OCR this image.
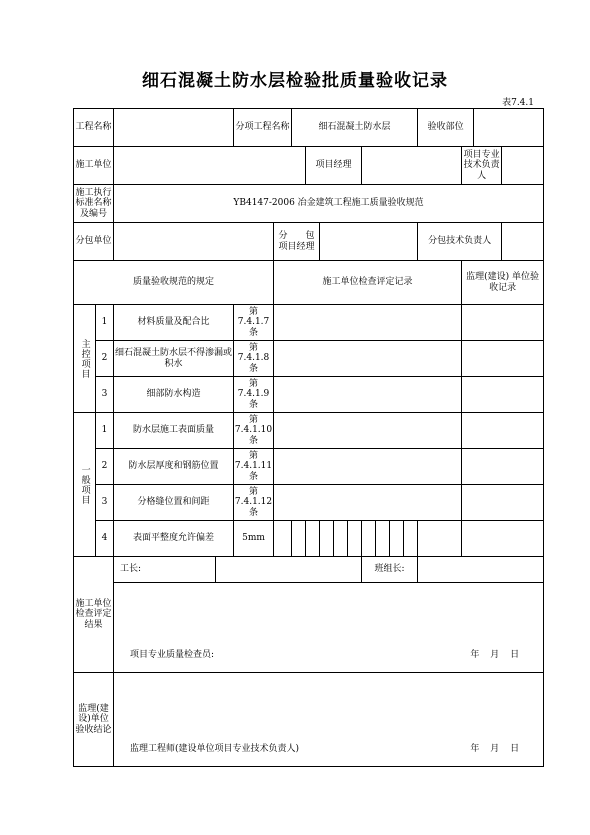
细石混凝土防水层检验批质量验收记录
表7.4.1
工程名称				分项工程名称		细石混凝土防水层									验收部位			
施工单位							项目经理									项目专业技术负责人		
施工执行标准名称及编号		YB4147-2006 冶金建筑工程施工质量验收规范																
分包单位					分　　包 项目经理										分包技术负责人			
质量验收规范的规定					施工单位检查评定记录											监理(建设) 单位验收记录		

主控项目	1	材料质量及配合比		第7.4.1.7条														
	2	细石混凝土防水层不得渗漏或积水		第7.4.1.8条														
	3	细部防水构造		第7.4.1.9条														

一般项目	1	防水层施工表面质量		第7.4.1.10条														
	2	防水层厚度和钢筋位置		第7.4.1.11条														
	3	分格缝位置和间距		第7.4.1.12条														
	4	表面平整度允许偏差		5mm														
施工单位检查评定结果		工长:									班组长:							

		项目专业质量检查员: 年 月 日																

监理(建设)单位验收结论		监理工程师(建设单位项目专业技术负责人) 年 月 日																
